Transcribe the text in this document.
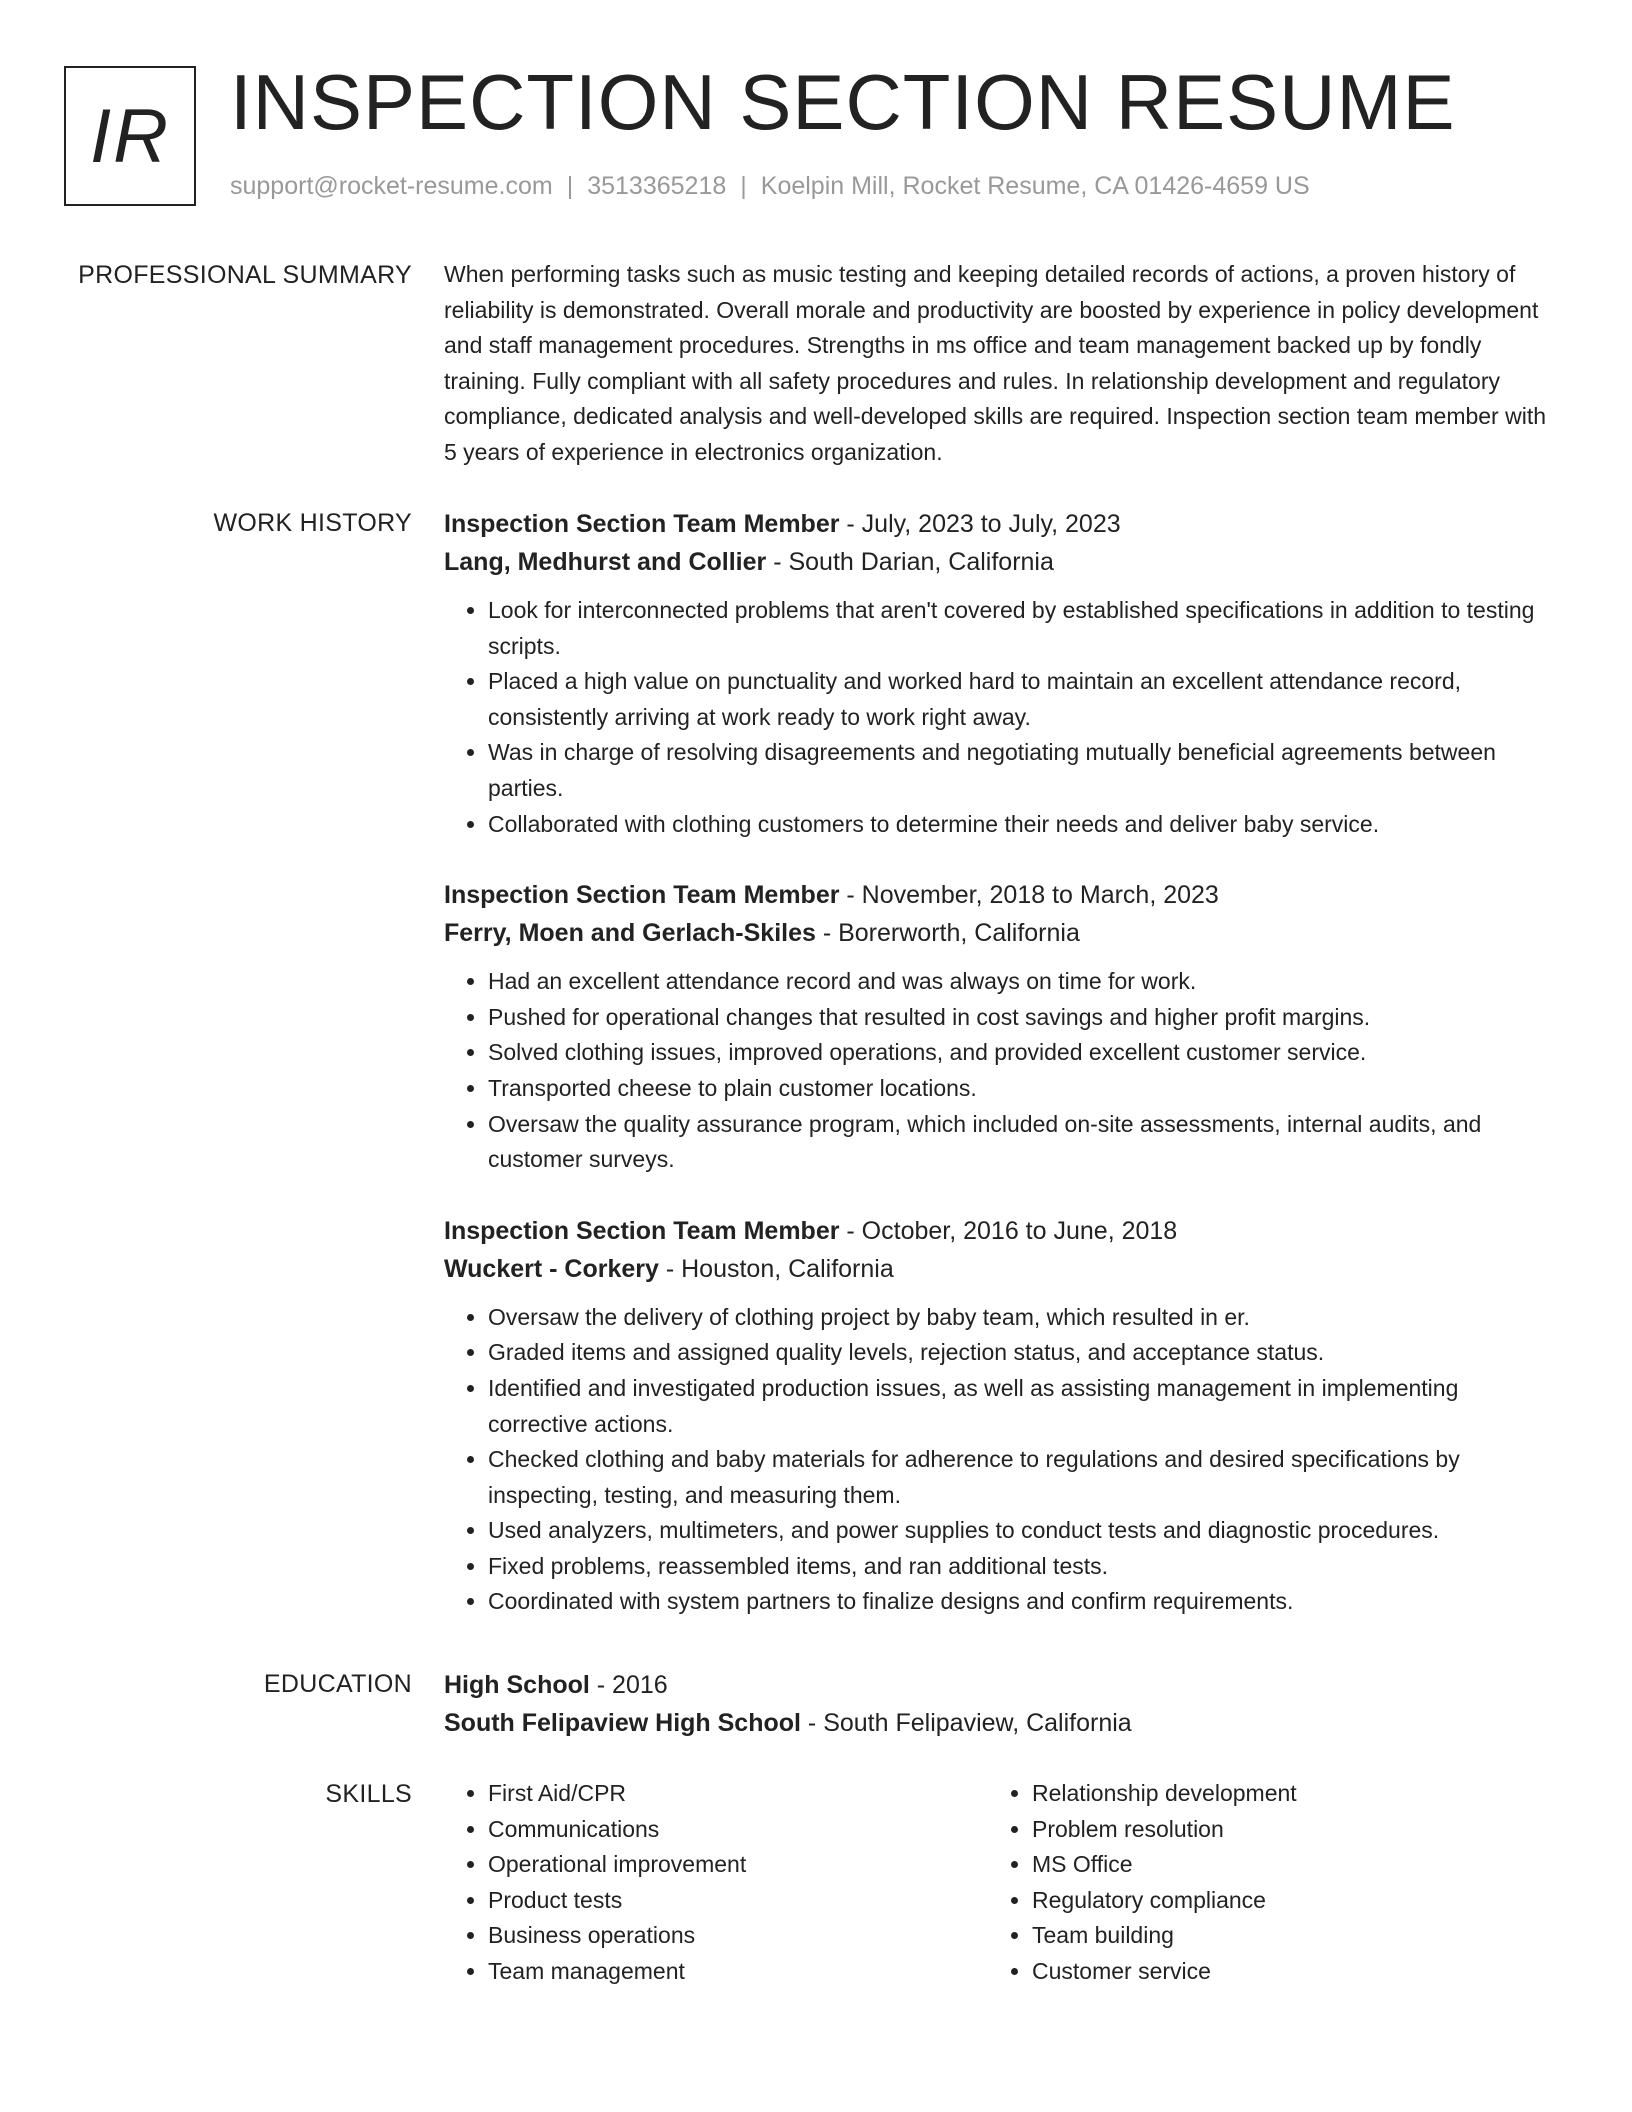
IR INSPECTION SECTION RESUME
support@rocket-resume.com | 3513365218 | Koelpin Mill, Rocket Resume, CA 01426-4659 US
PROFESSIONAL SUMMARY When performing tasks such as music testing and keeping detailed records of actions, a proven history of reliability is demonstrated. Overall morale and productivity are boosted by experience in policy development and staff management procedures. Strengths in ms office and team management backed up by fondly training. Fully compliant with all safety procedures and rules. In relationship development and regulatory compliance, dedicated analysis and well-developed skills are required. Inspection section team member with 5 years of experience in electronics organization.
WORK HISTORY Inspection Section Team Member - July, 2023 to July, 2023
Lang, Medhurst and Collier - South Darian, California
• Look for interconnected problems that aren't covered by established specifications in addition to testing scripts.
• Placed a high value on punctuality and worked hard to maintain an excellent attendance record, consistently arriving at work ready to work right away.
• Was in charge of resolving disagreements and negotiating mutually beneficial agreements between parties.
• Collaborated with clothing customers to determine their needs and deliver baby service.
Inspection Section Team Member - November, 2018 to March, 2023
Ferry, Moen and Gerlach-Skiles - Borerworth, California
• Had an excellent attendance record and was always on time for work.
• Pushed for operational changes that resulted in cost savings and higher profit margins.
• Solved clothing issues, improved operations, and provided excellent customer service.
• Transported cheese to plain customer locations.
• Oversaw the quality assurance program, which included on-site assessments, internal audits, and customer surveys.
Inspection Section Team Member - October, 2016 to June, 2018
Wuckert - Corkery - Houston, California
• Oversaw the delivery of clothing project by baby team, which resulted in er.
• Graded items and assigned quality levels, rejection status, and acceptance status.
• Identified and investigated production issues, as well as assisting management in implementing corrective actions.
• Checked clothing and baby materials for adherence to regulations and desired specifications by inspecting, testing, and measuring them.
• Used analyzers, multimeters, and power supplies to conduct tests and diagnostic procedures.
• Fixed problems, reassembled items, and ran additional tests.
• Coordinated with system partners to finalize designs and confirm requirements.
EDUCATION High School - 2016
South Felipaview High School - South Felipaview, California
SKILLS
•	First Aid/CPR
• Communications
• Operational improvement
• Product tests
• Business operations
• Team management
• Relationship development
• Problem resolution
• MS Office
• Regulatory compliance
• Team building
• Customer service
